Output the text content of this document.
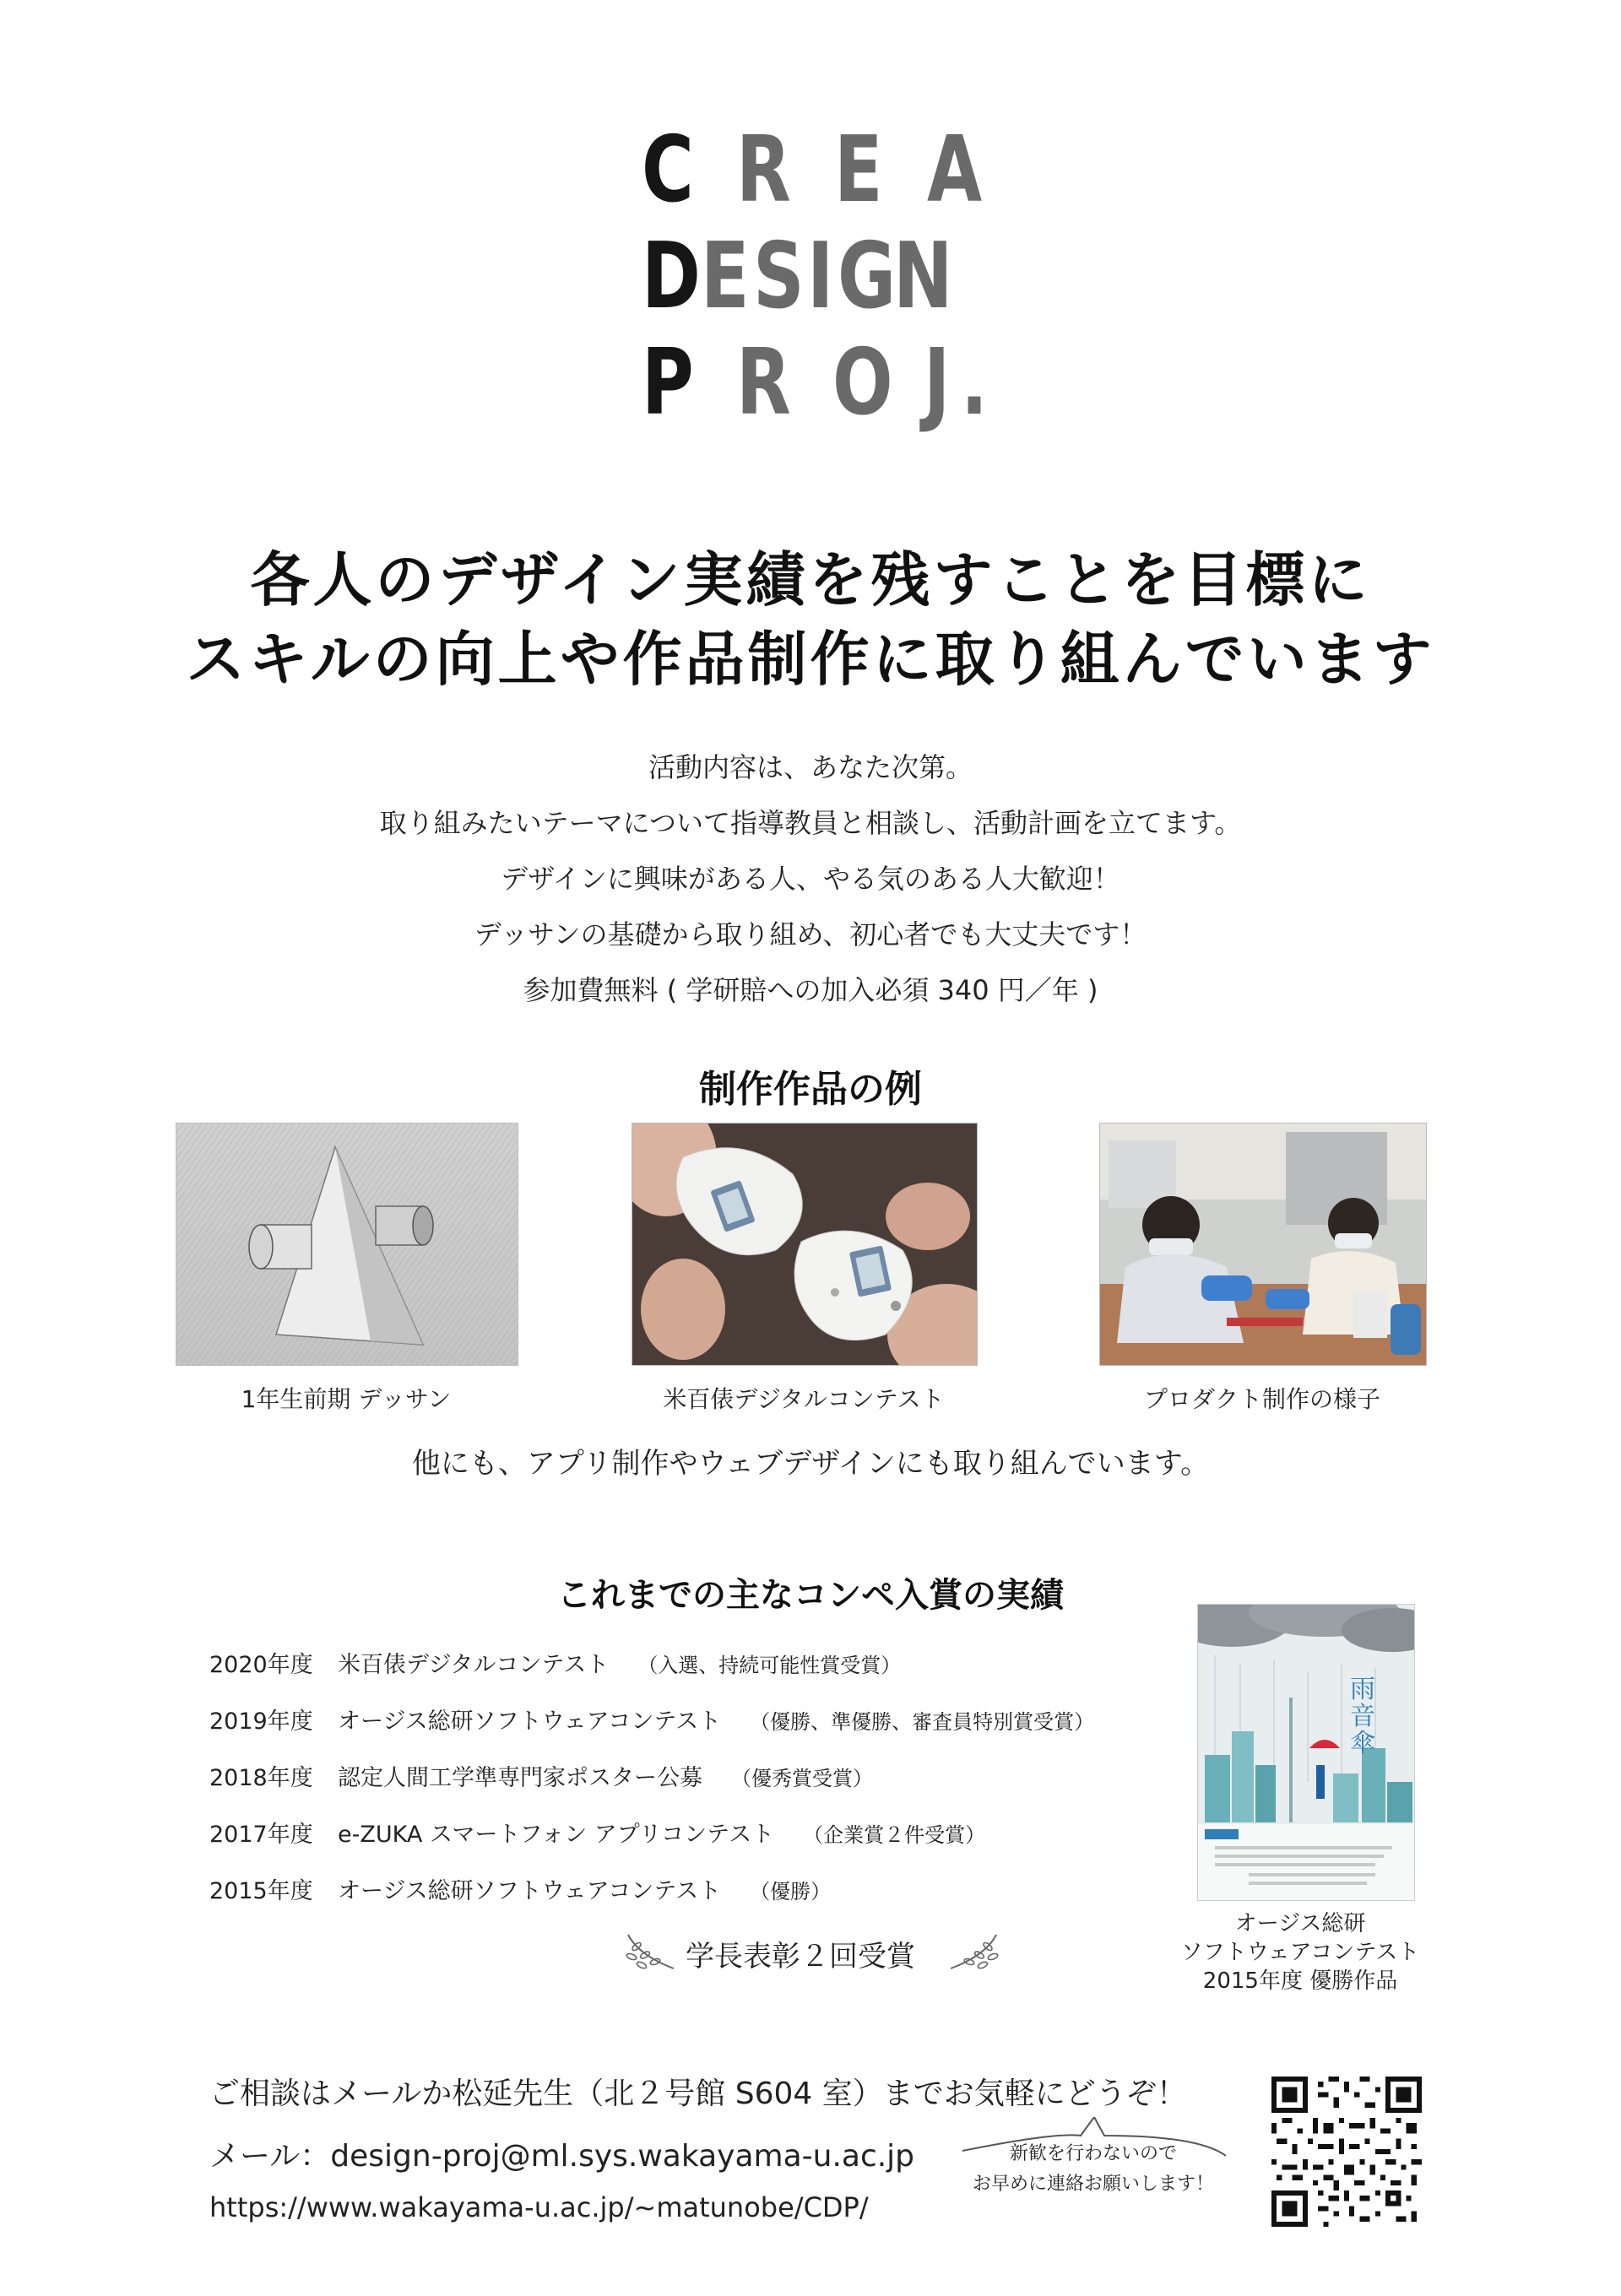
C R E A
D E S I G
N
P R O J .
各人のデザイン実績を残すことを目標に
スキルの向上や作品制作に取り組んでいます
活動内容は、あなた次第。
取り組みたいテーマについて指導教員と相談し、活動計画を立てます。
デザインに興味がある人、やる気のある人大歓迎！
デッサンの基礎から取り組め、初心者でも大丈夫です！
参加費無料 ( 学研賠への加入必須 340 円／年 )
制作作品の例
1年生前期 デッサン	米百俵デジタルコンテスト	プロダクト制作の様子
他にも、アプリ制作やウェブデザインにも取り組んでいます。
これまでの主なコンペ入賞の実績
2020年度 米百俵デジタルコンテスト （入選、持続可能性賞受賞）
2019年度 オージス総研ソフトウェアコンテスト （優勝、準優勝、審査員特別賞受賞）
2018年度 認定人間工学準専門家ポスター公募 （優秀賞受賞）
2017年度 e-ZUKA スマートフォン アプリコンテスト （企業賞２件受賞）
2015年度 オージス総研ソフトウェアコンテスト （優勝）
学長表彰２回受賞
雨
音
傘
オージス総研
ソフトウェアコンテスト
2015年度 優勝作品
ご相談はメールか松延先生（北２号館 S604 室）までお気軽にどうぞ！
メール：design-proj@ml.sys.wakayama-u.ac.jp
https://www.wakayama-u.ac.jp/~matunobe/CDP/
新歓を行わないので
お早めに連絡お願いします！
